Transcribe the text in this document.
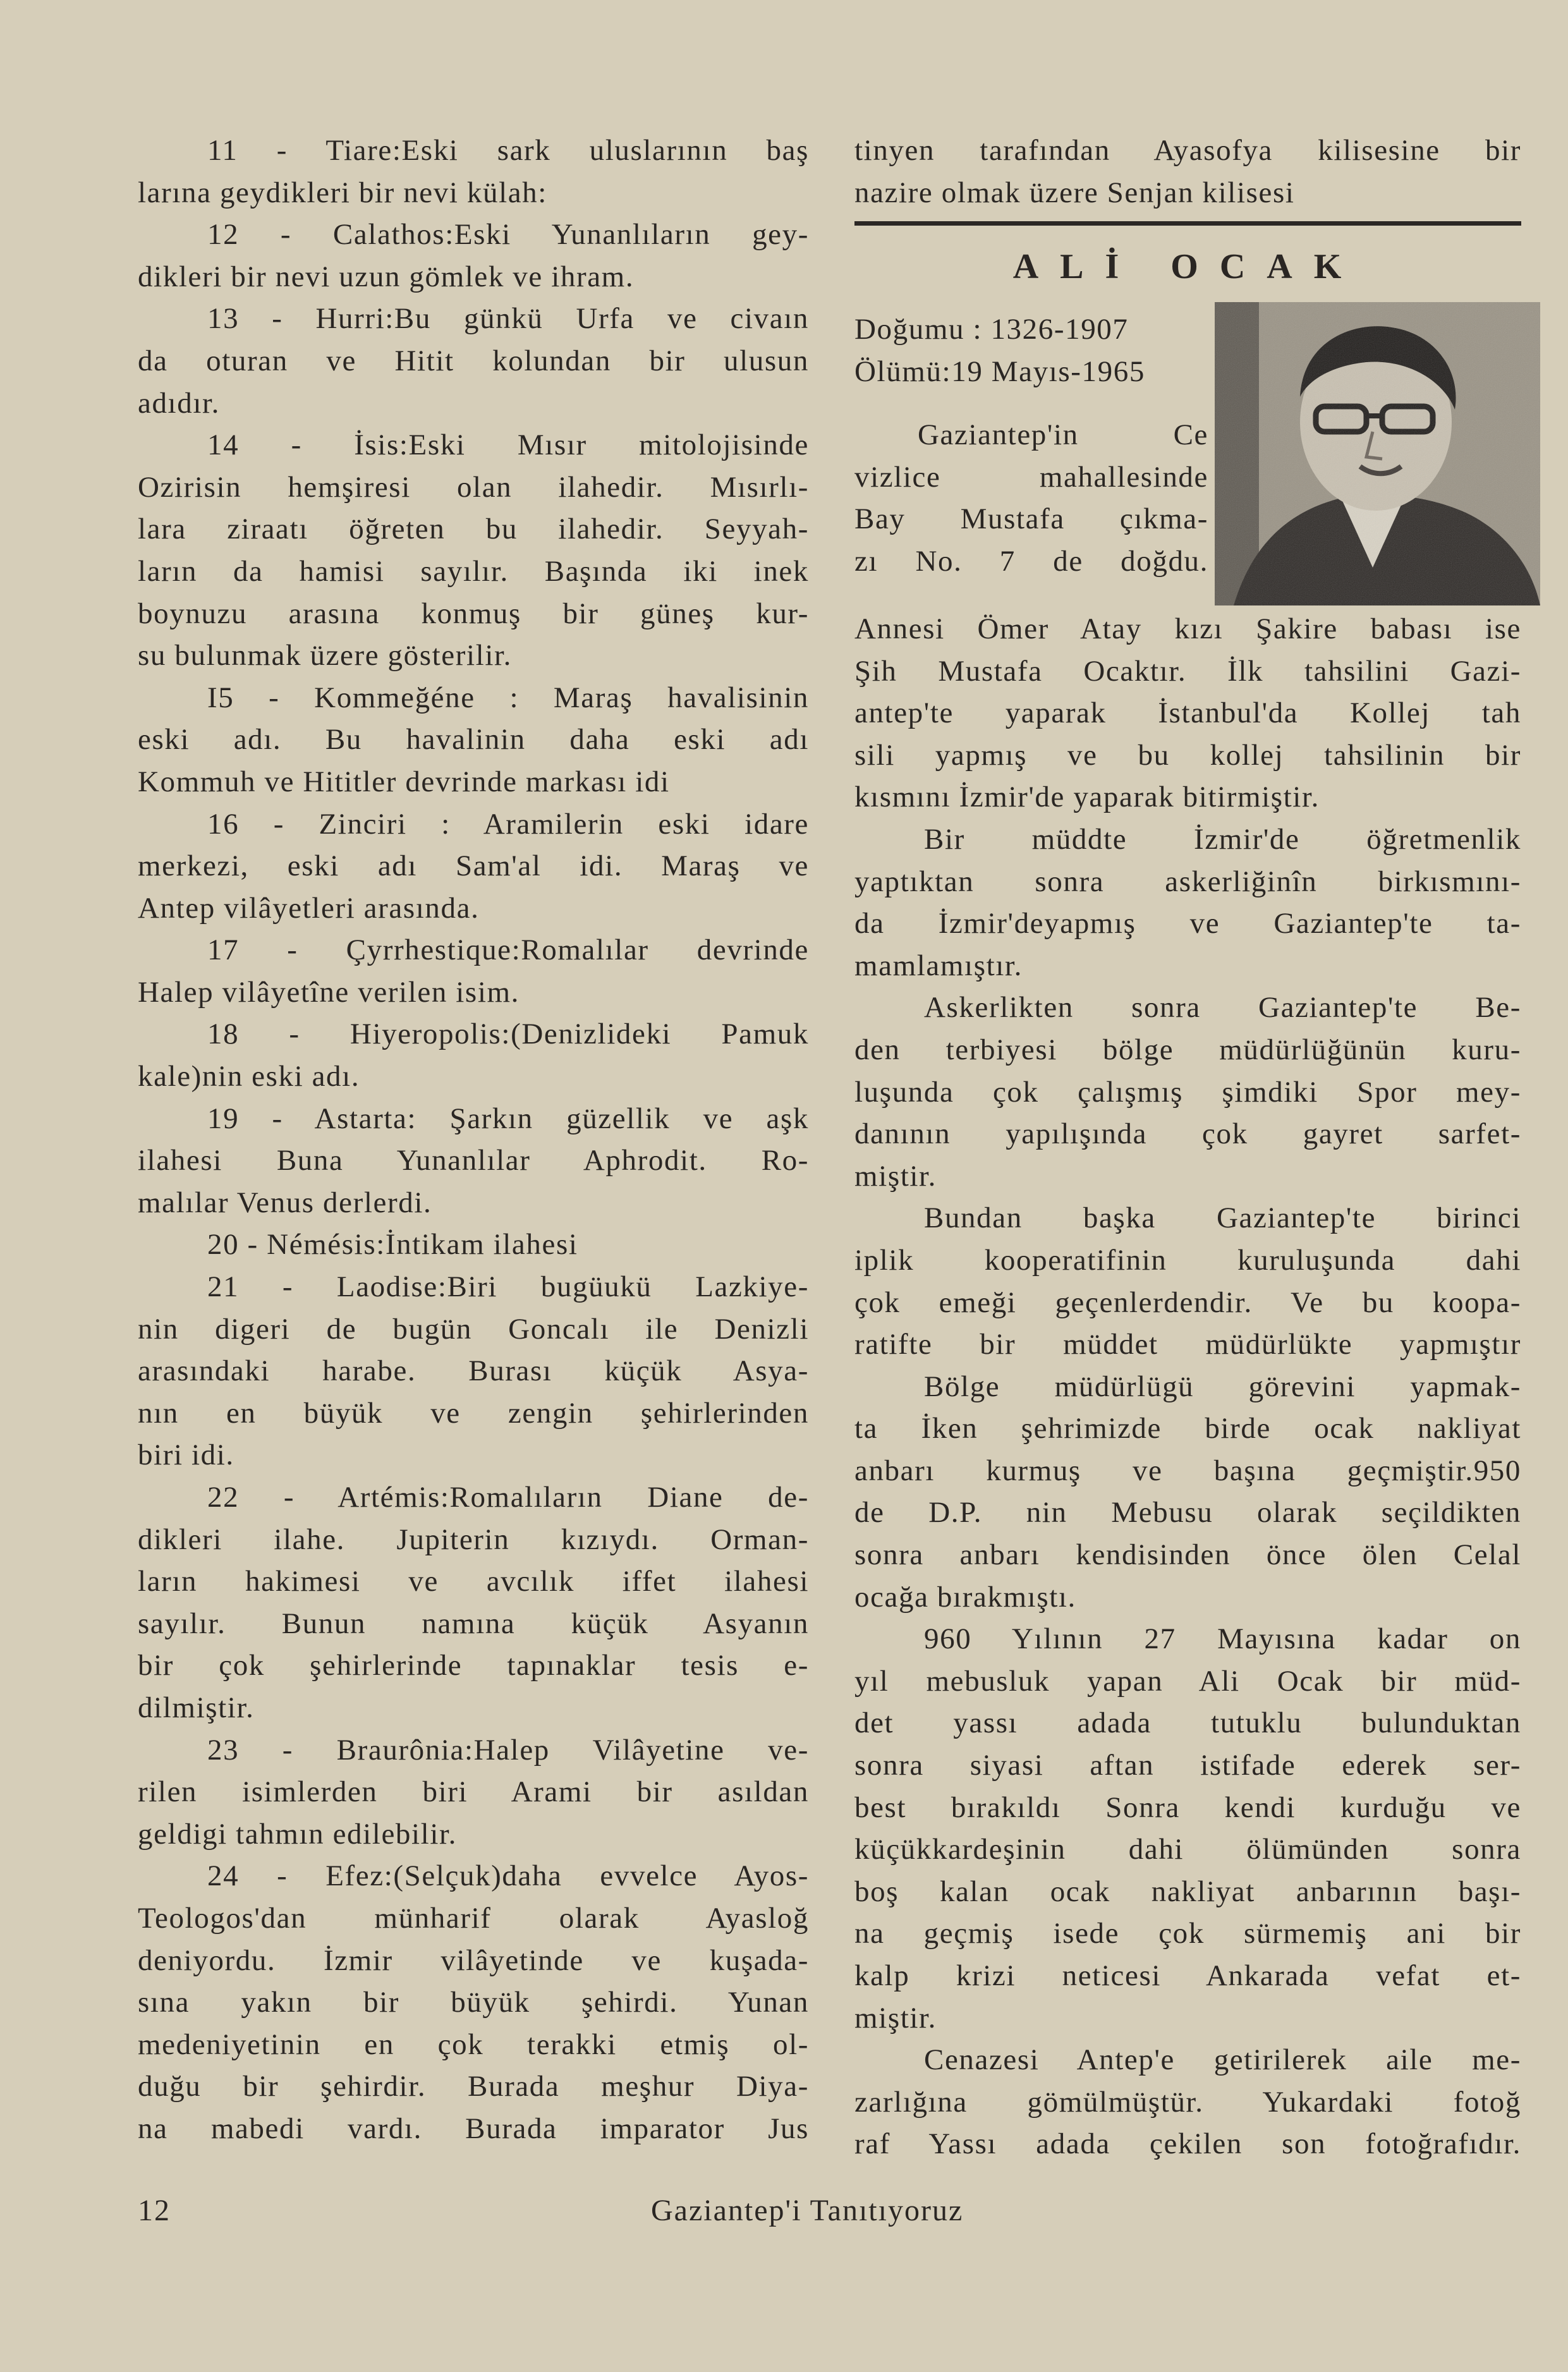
11 - Tiare:Eski sark uluslarının baş

larına geydikleri bir nevi külah:

12 - Calathos:Eski Yunanlıların gey-

dikleri bir nevi uzun gömlek ve ihram.

13 - Hurri:Bu günkü Urfa ve civaın

da oturan ve Hitit kolundan bir ulusun

adıdır.

14 - İsis:Eski Mısır mitolojisinde

Ozirisin hemşiresi olan ilahedir. Mısırlı-

lara ziraatı öğreten bu ilahedir. Seyyah-

ların da hamisi sayılır. Başında iki inek

boynuzu arasına konmuş bir güneş kur-

su bulunmak üzere gösterilir.

I5 - Kommeğéne : Maraş havalisinin

eski adı. Bu havalinin daha eski adı

Kommuh ve Hititler devrinde markası idi

16 - Zinciri : Aramilerin eski idare

merkezi, eski adı Sam'al idi. Maraş ve

Antep vilâyetleri arasında.

17 - Çyrrhestique:Romalılar devrinde

Halep vilâyetîne verilen isim.

18 - Hiyeropolis:(Denizlideki Pamuk

kale)nin eski adı.

19 - Astarta: Şarkın güzellik ve aşk

ilahesi Buna Yunanlılar Aphrodit. Ro-

malılar Venus derlerdi.

20 - Némésis:İntikam ilahesi

21 - Laodise:Biri bugüukü Lazkiye-

nin digeri de bugün Goncalı ile Denizli

arasındaki harabe. Burası küçük Asya-

nın en büyük ve zengin şehirlerinden

biri idi.

22 - Artémis:Romalıların Diane de-

dikleri ilahe. Jupiterin kızıydı. Orman-

ların hakimesi ve avcılık iffet ilahesi

sayılır. Bunun namına küçük Asyanın

bir çok şehirlerinde tapınaklar tesis e-

dilmiştir.

23 - Braurônia:Halep Vilâyetine ve-

rilen isimlerden biri Arami bir asıldan

geldigi tahmın edilebilir.

24 - Efez:(Selçuk)daha evvelce Ayos-

Teologos'dan münharif olarak Ayasloğ

deniyordu. İzmir vilâyetinde ve kuşada-

sına yakın bir büyük şehirdi. Yunan

medeniyetinin en çok terakki etmiş ol-

duğu bir şehirdir. Burada meşhur Diya-

na mabedi vardı. Burada imparator Jus

tinyen tarafından Ayasofya kilisesine bir

nazire olmak üzere Senjan kilisesi

ALİ OCAK

Doğumu : 1326-1907

Ölümü:19 Mayıs-1965

Gaziantep'in Ce

vizlice mahallesinde

Bay Mustafa çıkma-

zı No. 7 de doğdu.

Annesi Ömer Atay kızı Şakire babası ise

Şih Mustafa Ocaktır. İlk tahsilini Gazi-

antep'te yaparak İstanbul'da Kollej tah

sili yapmış ve bu kollej tahsilinin bir

kısmını İzmir'de yaparak bitirmiştir.

Bir müddte İzmir'de öğretmenlik

yaptıktan sonra askerliğinîn birkısmını-

da İzmir'deyapmış ve Gaziantep'te ta-

mamlamıştır.

Askerlikten sonra Gaziantep'te Be-

den terbiyesi bölge müdürlüğünün kuru-

luşunda çok çalışmış şimdiki Spor mey-

danının yapılışında çok gayret sarfet-

miştir.

Bundan başka Gaziantep'te birinci

iplik kooperatifinin kuruluşunda dahi

çok emeği geçenlerdendir. Ve bu koopa-

ratifte bir müddet müdürlükte yapmıştır

Bölge müdürlügü görevini yapmak-

ta İken şehrimizde birde ocak nakliyat

anbarı kurmuş ve başına geçmiştir.950

de D.P. nin Mebusu olarak seçildikten

sonra anbarı kendisinden önce ölen Celal

ocağa bırakmıştı.

960 Yılının 27 Mayısına kadar on

yıl mebusluk yapan Ali Ocak bir müd-

det yassı adada tutuklu bulunduktan

sonra siyasi aftan istifade ederek ser-

best bırakıldı Sonra kendi kurduğu ve

küçükkardeşinin dahi ölümünden sonra

boş kalan ocak nakliyat anbarının başı-

na geçmiş isede çok sürmemiş ani bir

kalp krizi neticesi Ankarada vefat et-

miştir.

Cenazesi Antep'e getirilerek aile me-

zarlığına gömülmüştür. Yukardaki fotoğ

raf Yassı adada çekilen son fotoğrafıdır.

12	Gaziantep'i Tanıtıyoruz
